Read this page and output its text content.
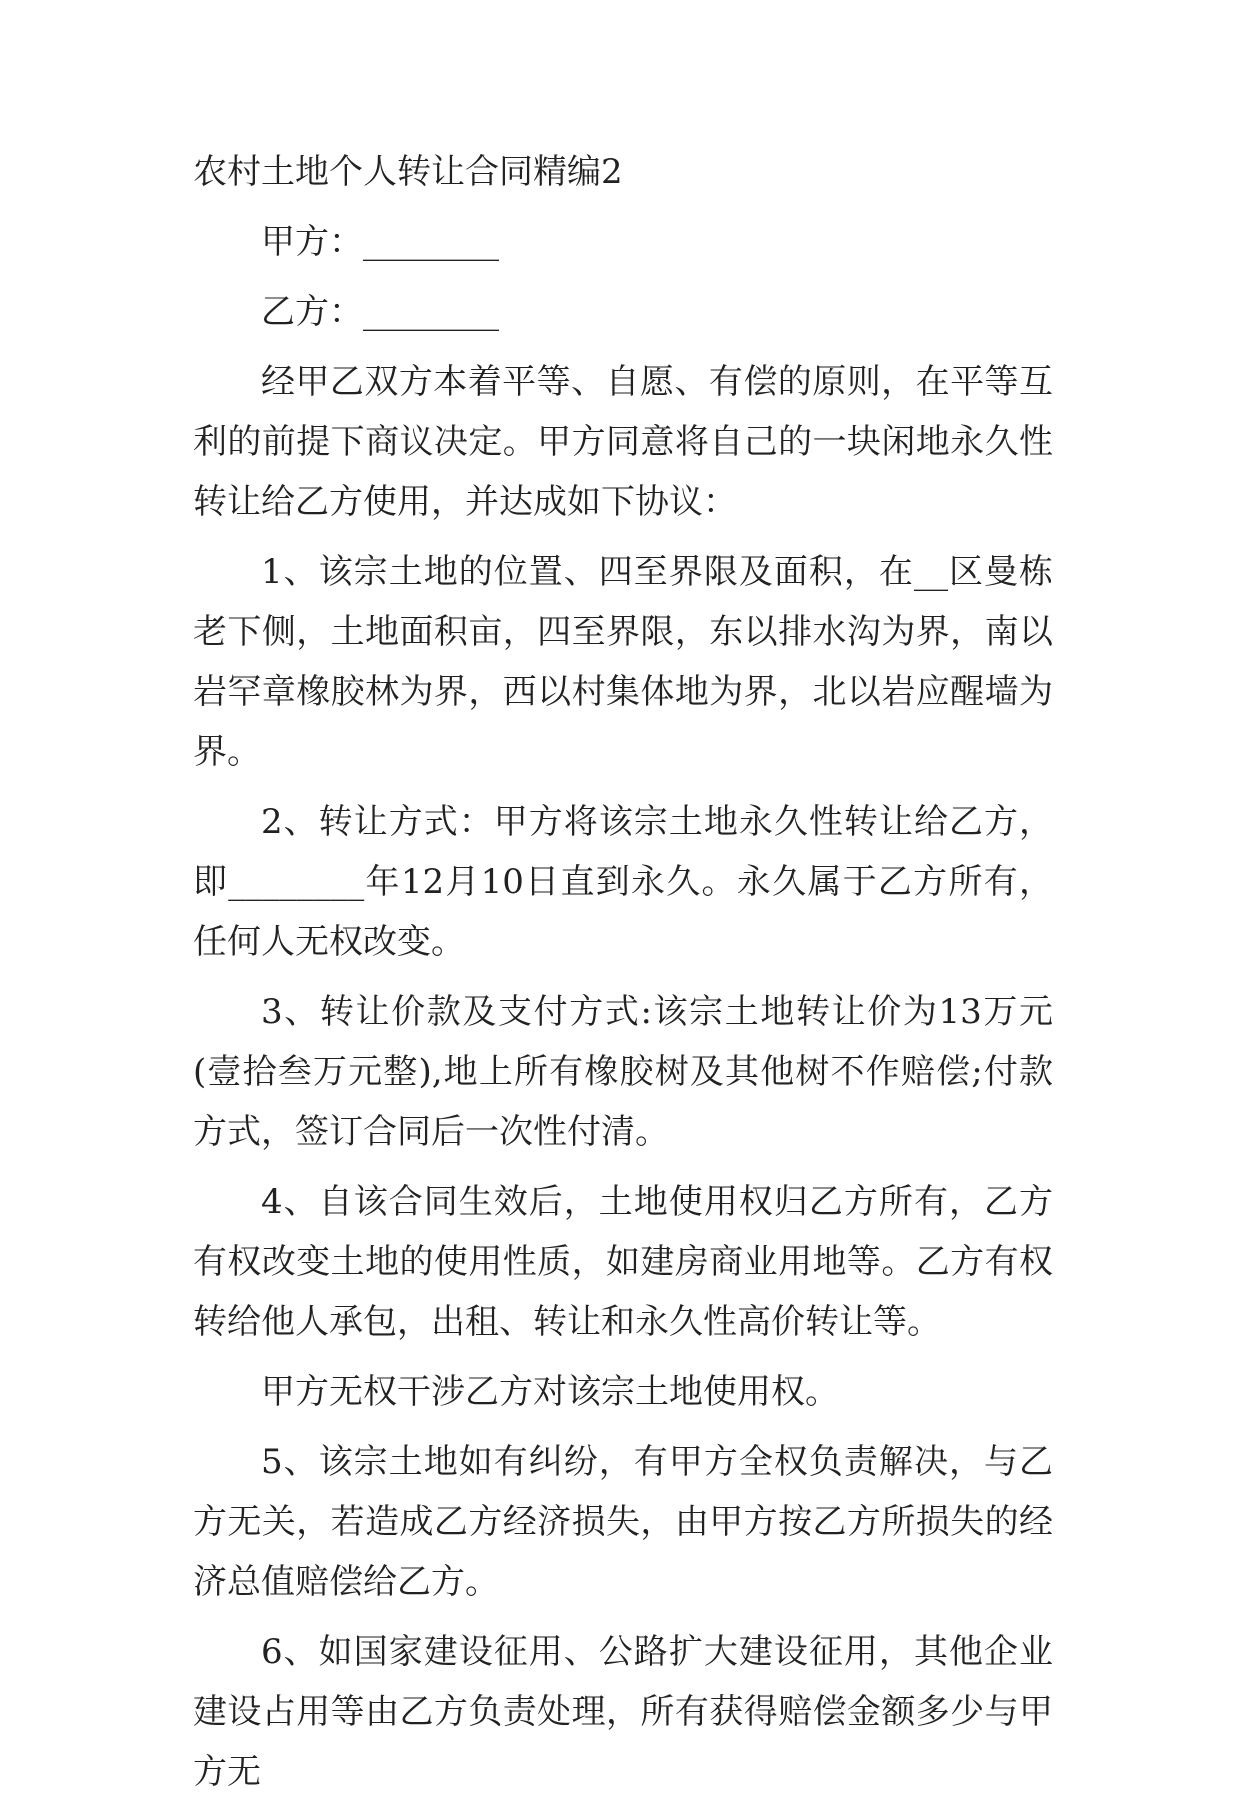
农村土地个人转让合同精编2

甲方：________

乙方：________

经甲乙双方本着平等、自愿、有偿的原则，在平等互利的前提下商议决定。甲方同意将自己的一块闲地永久性转让给乙方使用，并达成如下协议：

1、该宗土地的位置、四至界限及面积，在__区曼栋老下侧，土地面积亩，四至界限，东以排水沟为界，南以岩罕章橡胶林为界，西以村集体地为界，北以岩应醒墙为界。

2、转让方式：甲方将该宗土地永久性转让给乙方，即________年12月10日直到永久。永久属于乙方所有，任何人无权改变。

3、转让价款及支付方式:该宗土地转让价为13万元(壹拾叁万元整),地上所有橡胶树及其他树不作赔偿;付款方式，签订合同后一次性付清。

4、自该合同生效后，土地使用权归乙方所有，乙方有权改变土地的使用性质，如建房商业用地等。乙方有权转给他人承包，出租、转让和永久性高价转让等。

甲方无权干涉乙方对该宗土地使用权。

5、该宗土地如有纠纷，有甲方全权负责解决，与乙方无关，若造成乙方经济损失，由甲方按乙方所损失的经济总值赔偿给乙方。

6、如国家建设征用、公路扩大建设征用，其他企业建设占用等由乙方负责处理，所有获得赔偿金额多少与甲方无
